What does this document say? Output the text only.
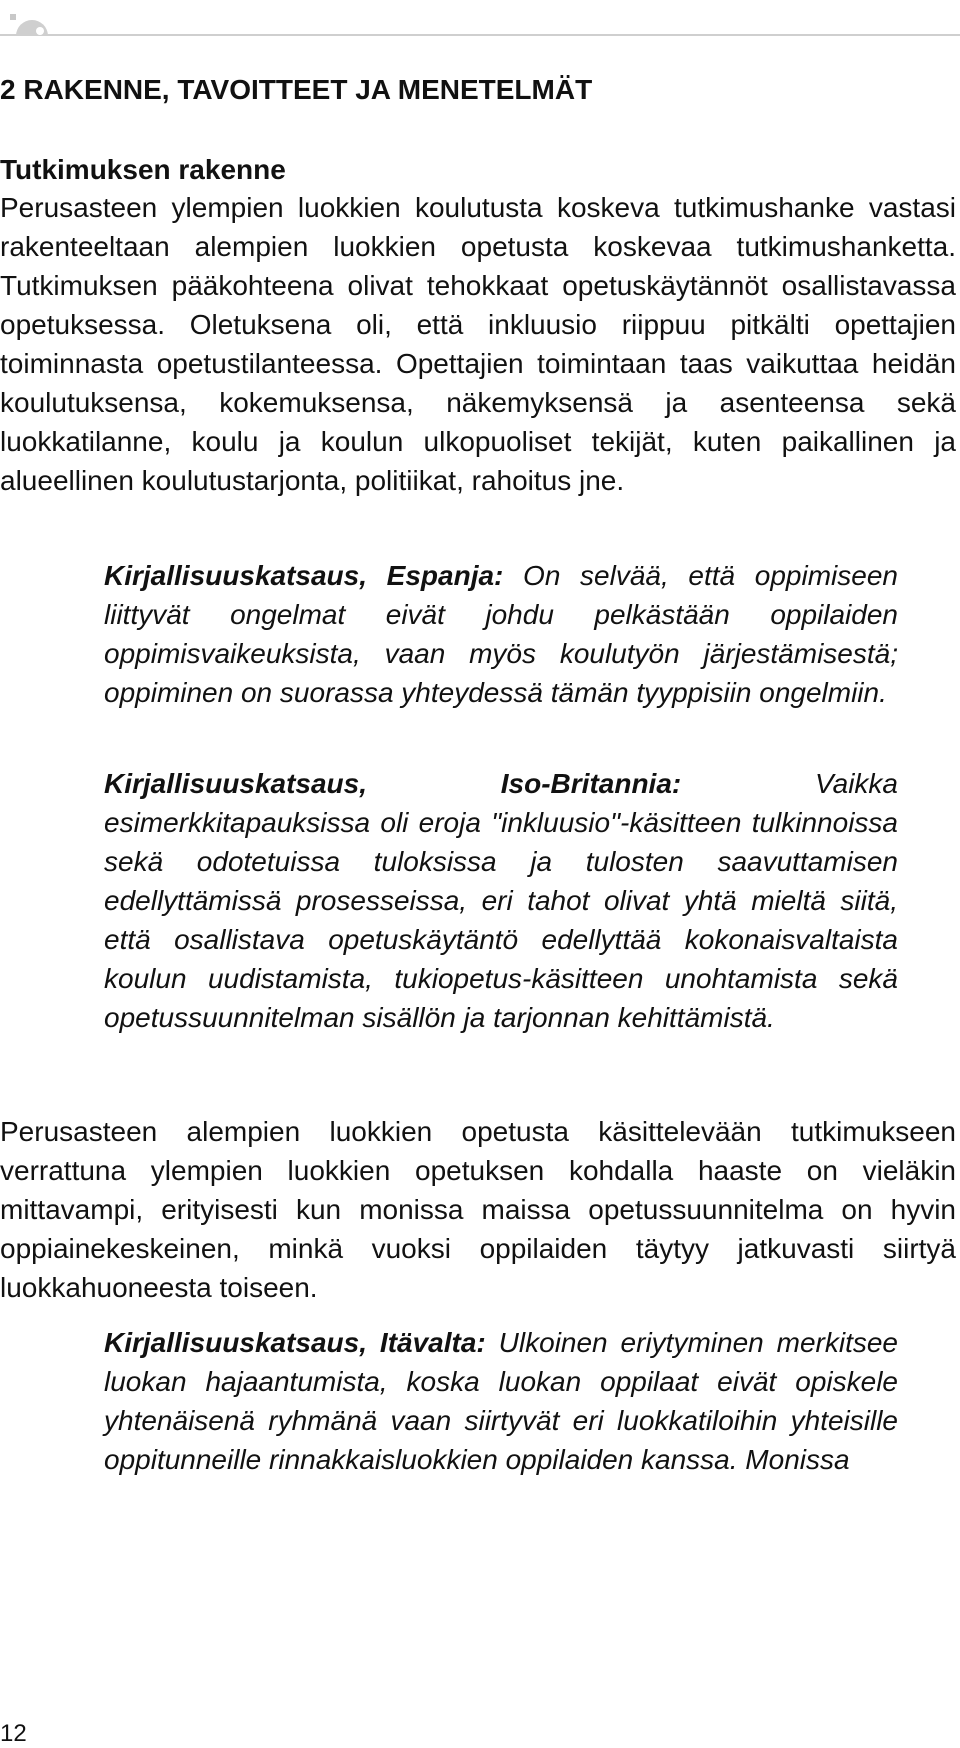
2 RAKENNE, TAVOITTEET JA MENETELMÄT
Tutkimuksen rakenne

Perusasteen ylempien luokkien koulutusta koskeva tutkimushanke vastasi rakenteeltaan alempien luokkien opetusta koskevaa tutkimushanketta. Tutkimuksen pääkohteena olivat tehokkaat opetuskäytännöt osallistavassa opetuksessa. Oletuksena oli, että inkluusio riippuu pitkälti opettajien toiminnasta opetustilanteessa. Opettajien toimintaan taas vaikuttaa heidän koulutuksensa, kokemuksensa, näkemyksensä ja asenteensa sekä luokkatilanne, koulu ja koulun ulkopuoliset tekijät, kuten paikallinen ja alueellinen koulutustarjonta, politiikat, rahoitus jne.

Kirjallisuuskatsaus, Espanja: On selvää, että oppimiseen liittyvät ongelmat eivät johdu pelkästään oppilaiden oppimisvaikeuksista, vaan myös koulutyön järjestämisestä; oppiminen on suorassa yhteydessä tämän tyyppisiin ongelmiin.

Kirjallisuuskatsaus, Iso-Britannia: Vaikka esimerkkitapauksissa oli eroja "inkluusio"-käsitteen tulkinnoissa sekä odotetuissa tuloksissa ja tulosten saavuttamisen edellyttämissä prosesseissa, eri tahot olivat yhtä mieltä siitä, että osallistava opetuskäytäntö edellyttää kokonaisvaltaista koulun uudistamista, tukiopetus-käsitteen unohtamista sekä opetussuunnitelman sisällön ja tarjonnan kehittämistä.

Perusasteen alempien luokkien opetusta käsittelevään tutkimukseen verrattuna ylempien luokkien opetuksen kohdalla haaste on vieläkin mittavampi, erityisesti kun monissa maissa opetussuunnitelma on hyvin oppiainekeskeinen, minkä vuoksi oppilaiden täytyy jatkuvasti siirtyä luokkahuoneesta toiseen.

Kirjallisuuskatsaus, Itävalta: Ulkoinen eriytyminen merkitsee luokan hajaantumista, koska luokan oppilaat eivät opiskele yhtenäisenä ryhmänä vaan siirtyvät eri luokkatiloihin yhteisille oppitunneille rinnakkaisluokkien oppilaiden kanssa. Monissa

12
